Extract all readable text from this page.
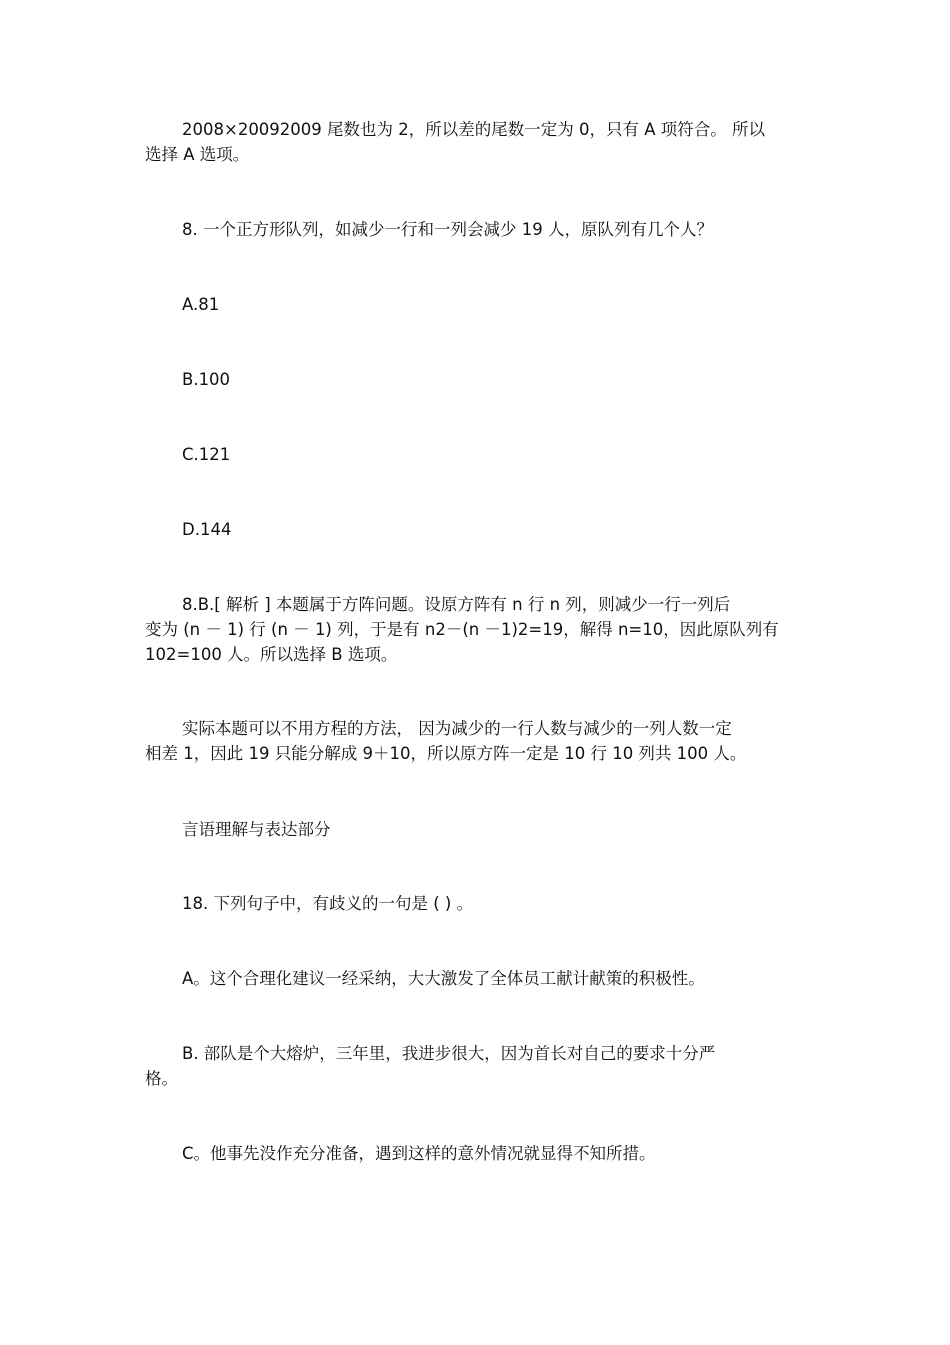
2008×20092009 尾数也为 2，所以差的尾数一定为 0，只有 A 项符合。 所以
选择 A 选项。

8. 一个正方形队列，如减少一行和一列会减少 19 人，原队列有几个人？

A.81

B.100

C.121

D.144

8.B.[ 解析 ] 本题属于方阵问题。设原方阵有 n 行 n 列，则减少一行一列后
变为 (n － 1) 行 (n － 1) 列，于是有 n2－(n －1)2=19，解得 n=10，因此原队列有
102=100 人。所以选择 B 选项。

实际本题可以不用方程的方法， 因为减少的一行人数与减少的一列人数一定
相差 1，因此 19 只能分解成 9＋10，所以原方阵一定是 10 行 10 列共 100 人。

言语理解与表达部分

18. 下列句子中，有歧义的一句是 ( ) 。

A。这个合理化建议一经采纳，大大激发了全体员工献计献策的积极性。

B. 部队是个大熔炉，三年里，我进步很大，因为首长对自己的要求十分严
格。

C。他事先没作充分准备，遇到这样的意外情况就显得不知所措。
